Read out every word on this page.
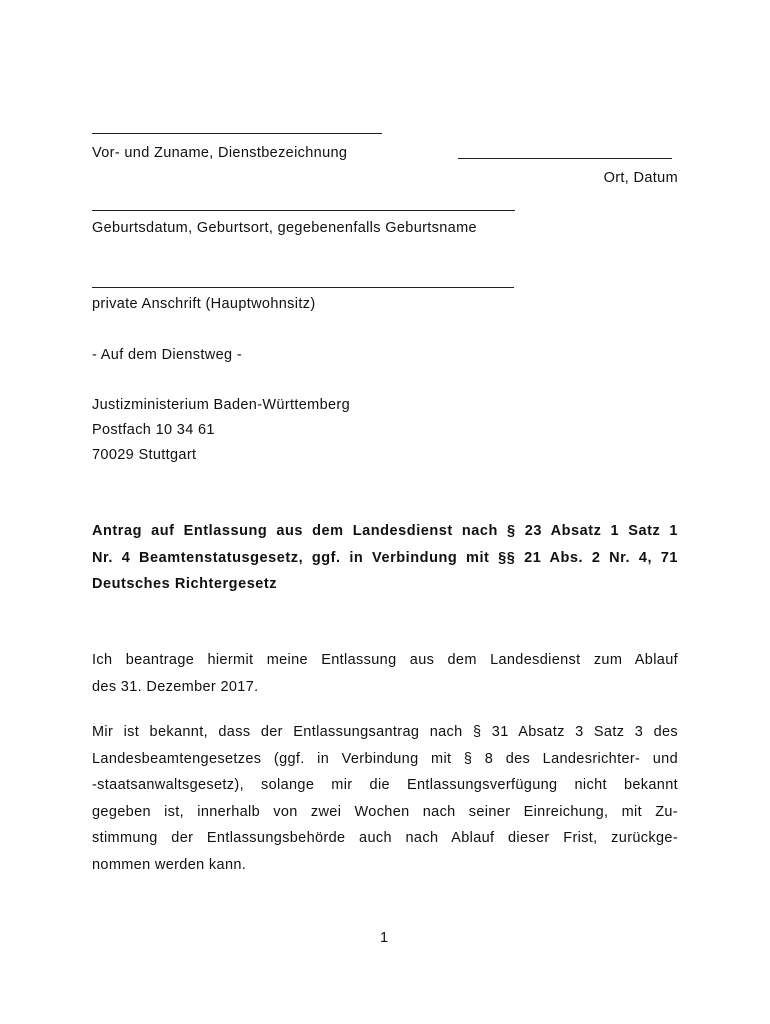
Vor- und Zuname, Dienstbezeichnung
Ort, Datum
Geburtsdatum, Geburtsort, gegebenenfalls Geburtsname
private Anschrift (Hauptwohnsitz)
- Auf dem Dienstweg -
Justizministerium Baden-Württemberg
Postfach 10 34 61
70029 Stuttgart
Antrag auf Entlassung aus dem Landesdienst nach § 23 Absatz 1 Satz 1
Nr. 4 Beamtenstatusgesetz, ggf. in Verbindung mit §§ 21 Abs. 2 Nr. 4, 71
Deutsches Richtergesetz
Ich beantrage hiermit meine Entlassung aus dem Landesdienst zum Ablauf
des 31. Dezember 2017.
Mir ist bekannt, dass der Entlassungsantrag nach § 31 Absatz 3 Satz 3 des
Landesbeamtengesetzes (ggf. in Verbindung mit § 8 des Landesrichter- und
-staatsanwaltsgesetz), solange mir die Entlassungsverfügung nicht bekannt
gegeben ist, innerhalb von zwei Wochen nach seiner Einreichung, mit Zu-
stimmung der Entlassungsbehörde auch nach Ablauf dieser Frist, zurückge-
nommen werden kann.
1
